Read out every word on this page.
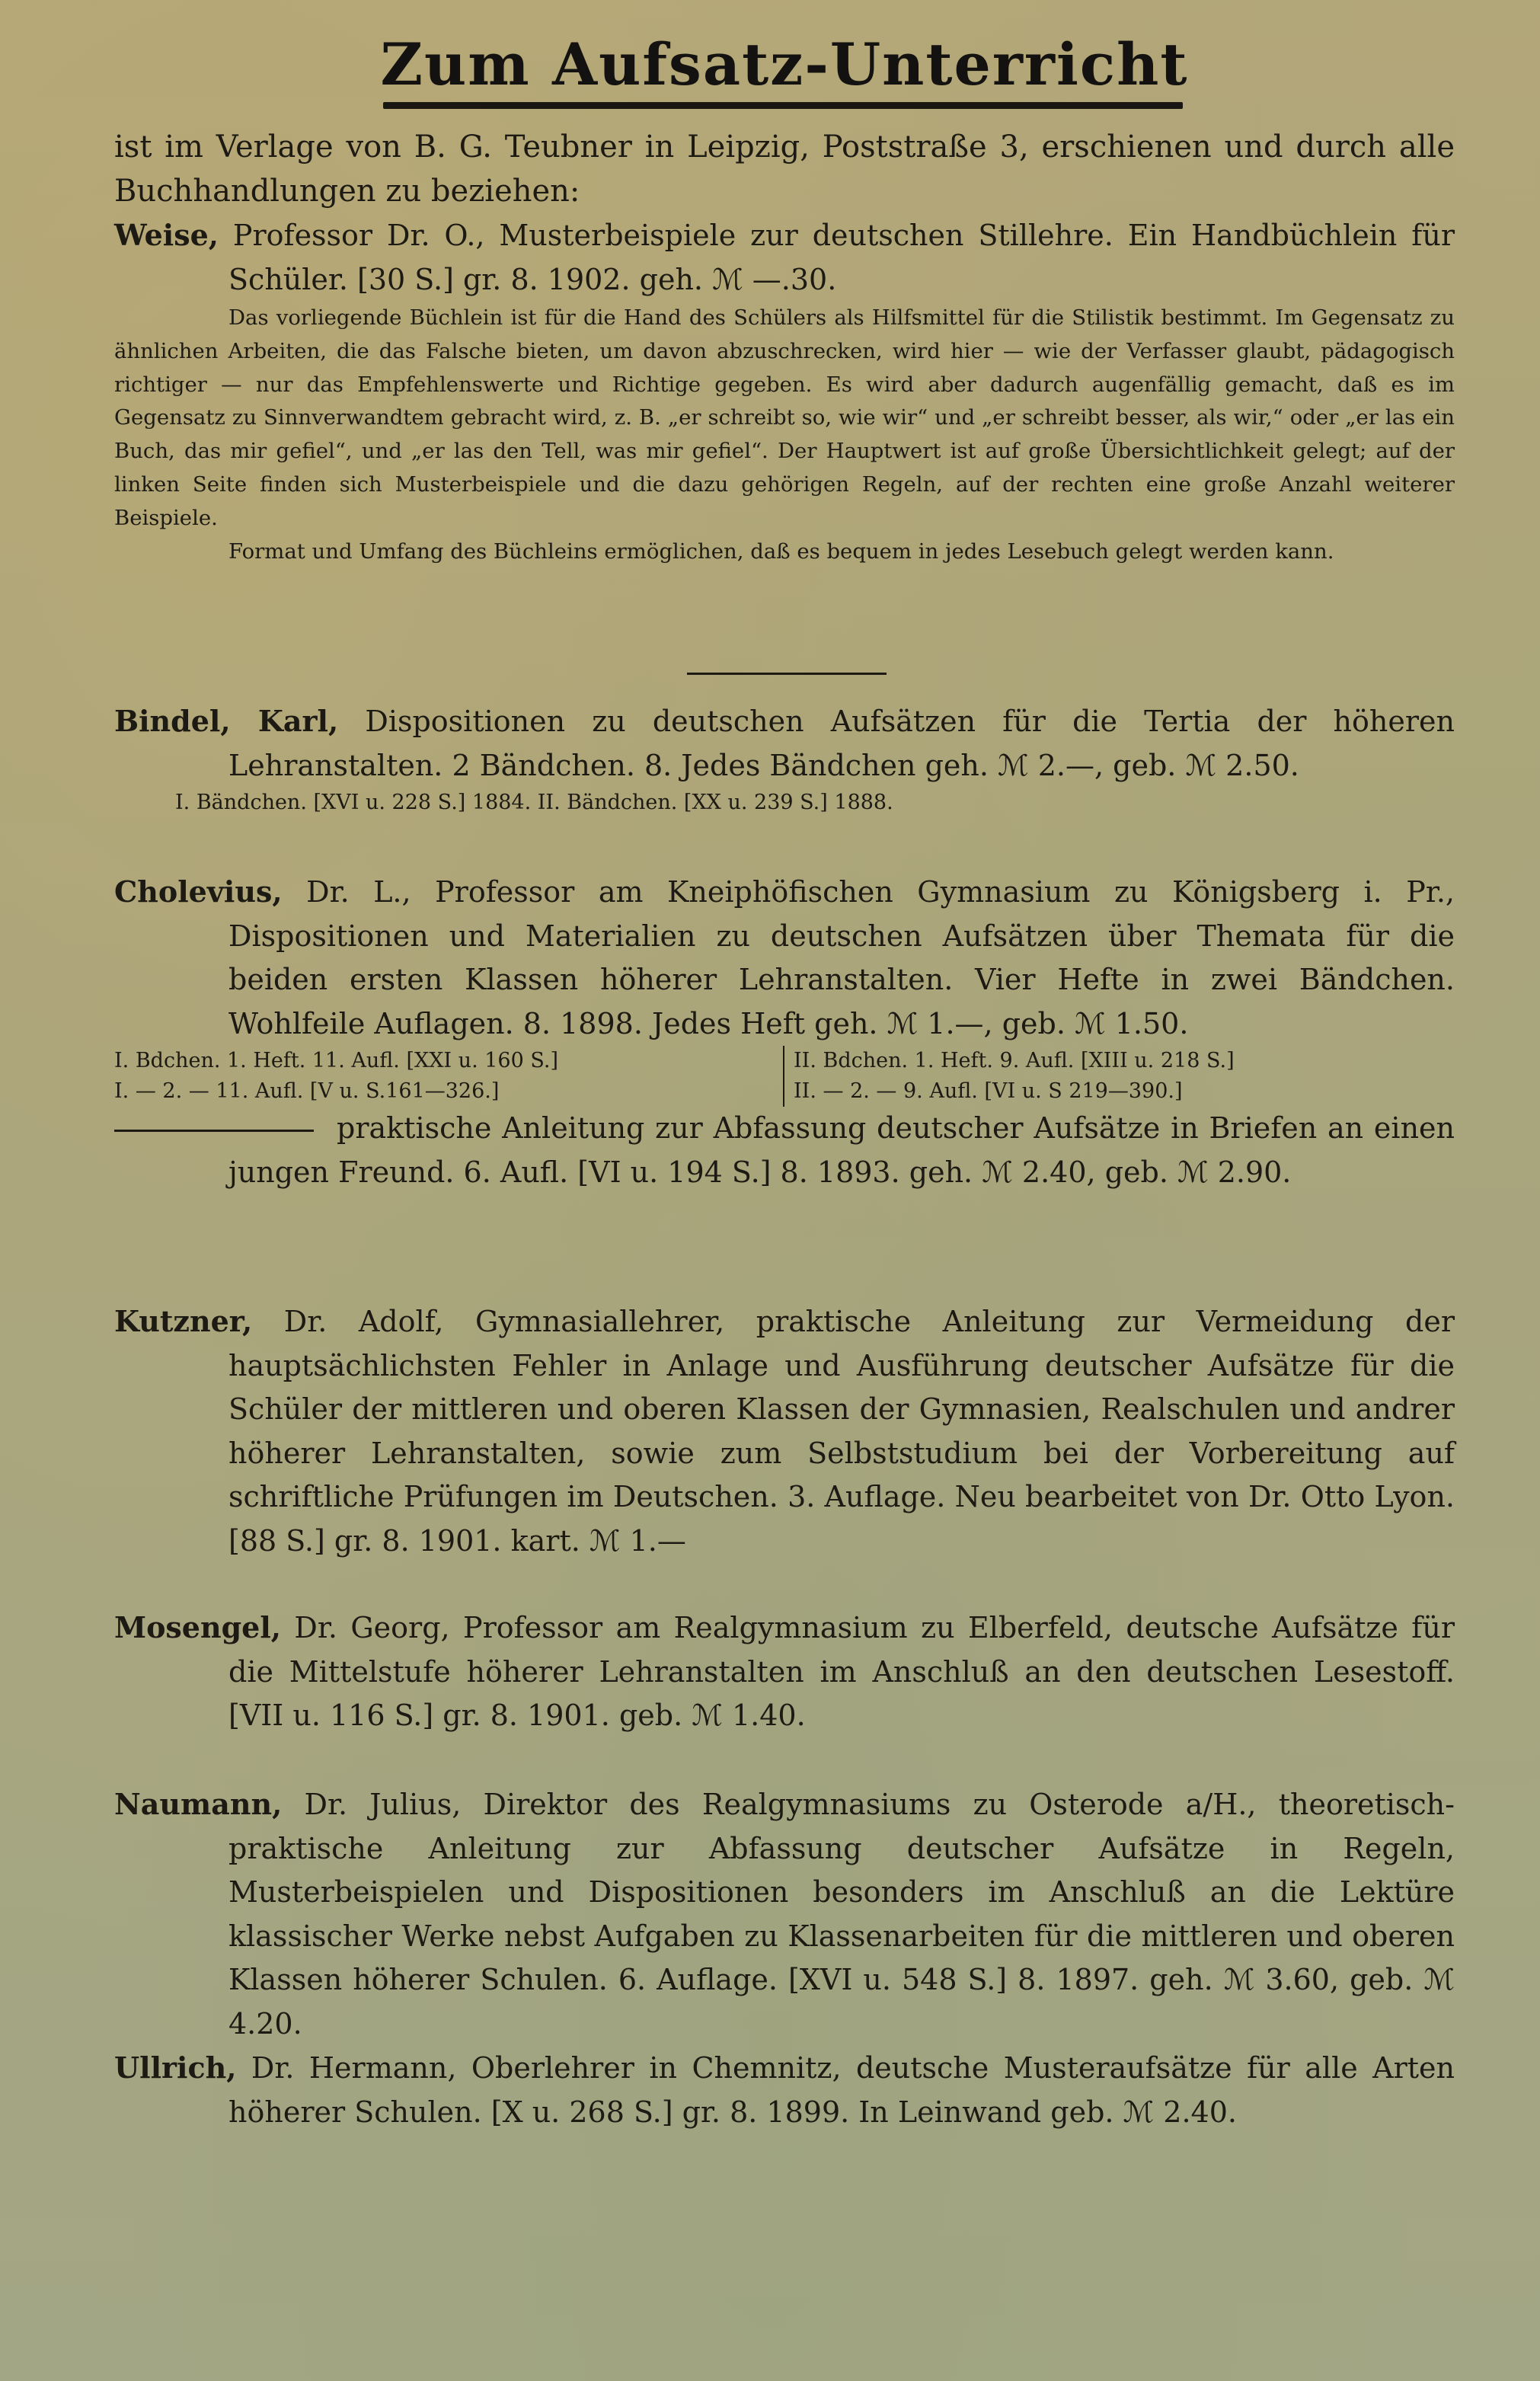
Zum Aufsatz-Unterricht
ist im Verlage von B. G. Teubner in Leipzig, Poststraße 3, erschienen und durch alle Buchhandlungen zu beziehen:
Weise, Professor Dr. O., Musterbeispiele zur deutschen Stillehre. Ein Handbüchlein für Schüler. [30 S.] gr. 8. 1902. geh. ℳ —.30.

Das vorliegende Büchlein ist für die Hand des Schülers als Hilfsmittel für die Stilistik bestimmt. Im Gegensatz zu ähnlichen Arbeiten, die das Falsche bieten, um davon abzuschrecken, wird hier — wie der Verfasser glaubt, pädagogisch richtiger — nur das Empfehlenswerte und Richtige gegeben. Es wird aber dadurch augenfällig gemacht, daß es im Gegensatz zu Sinnverwandtem gebracht wird, z. B. „er schreibt so, wie wir“ und „er schreibt besser, als wir,“ oder „er las ein Buch, das mir gefiel“, und „er las den Tell, was mir gefiel“. Der Hauptwert ist auf große Übersichtlichkeit gelegt; auf der linken Seite finden sich Musterbeispiele und die dazu gehörigen Regeln, auf der rechten eine große Anzahl weiterer Beispiele.

Format und Umfang des Büchleins ermöglichen, daß es bequem in jedes Lesebuch gelegt werden kann.

Bindel, Karl, Dispositionen zu deutschen Aufsätzen für die Tertia der höheren Lehranstalten. 2 Bändchen. 8. Jedes Bändchen geh. ℳ 2.—, geb. ℳ 2.50.
I. Bändchen. [XVI u. 228 S.] 1884. II. Bändchen. [XX u. 239 S.] 1888.
Cholevius, Dr. L., Professor am Kneiphöfischen Gymnasium zu Königsberg i. Pr., Dispositionen und Materialien zu deutschen Aufsätzen über Themata für die beiden ersten Klassen höherer Lehranstalten. Vier Hefte in zwei Bändchen. Wohlfeile Auflagen. 8. 1898. Jedes Heft geh. ℳ 1.—, geb. ℳ 1.50.
I. Bdchen. 1. Heft. 11. Aufl. [XXI u. 160 S.]
I. — 2. — 11. Aufl. [V u. S.161—326.]
II. Bdchen. 1. Heft. 9. Aufl. [XIII u. 218 S.]
II. — 2. — 9. Aufl. [VI u. S 219—390.]
praktische Anleitung zur Abfassung deutscher Aufsätze in Briefen an einen jungen Freund. 6. Aufl. [VI u. 194 S.] 8. 1893. geh. ℳ 2.40, geb. ℳ 2.90.
Kutzner, Dr. Adolf, Gymnasiallehrer, praktische Anleitung zur Vermeidung der hauptsächlichsten Fehler in Anlage und Ausführung deutscher Aufsätze für die Schüler der mittleren und oberen Klassen der Gymnasien, Realschulen und andrer höherer Lehranstalten, sowie zum Selbststudium bei der Vorbereitung auf schriftliche Prüfungen im Deutschen. 3. Auflage. Neu bearbeitet von Dr. Otto Lyon. [88 S.] gr. 8. 1901. kart. ℳ 1.—
Mosengel, Dr. Georg, Professor am Realgymnasium zu Elberfeld, deutsche Aufsätze für die Mittelstufe höherer Lehranstalten im Anschluß an den deutschen Lesestoff. [VII u. 116 S.] gr. 8. 1901. geb. ℳ 1.40.
Naumann, Dr. Julius, Direktor des Realgymnasiums zu Osterode a/H., theoretisch-praktische Anleitung zur Abfassung deutscher Aufsätze in Regeln, Musterbeispielen und Dispositionen besonders im Anschluß an die Lektüre klassischer Werke nebst Aufgaben zu Klassenarbeiten für die mittleren und oberen Klassen höherer Schulen. 6. Auflage. [XVI u. 548 S.] 8. 1897. geh. ℳ 3.60, geb. ℳ 4.20.
Ullrich, Dr. Hermann, Oberlehrer in Chemnitz, deutsche Musteraufsätze für alle Arten höherer Schulen. [X u. 268 S.] gr. 8. 1899. In Leinwand geb. ℳ 2.40.
